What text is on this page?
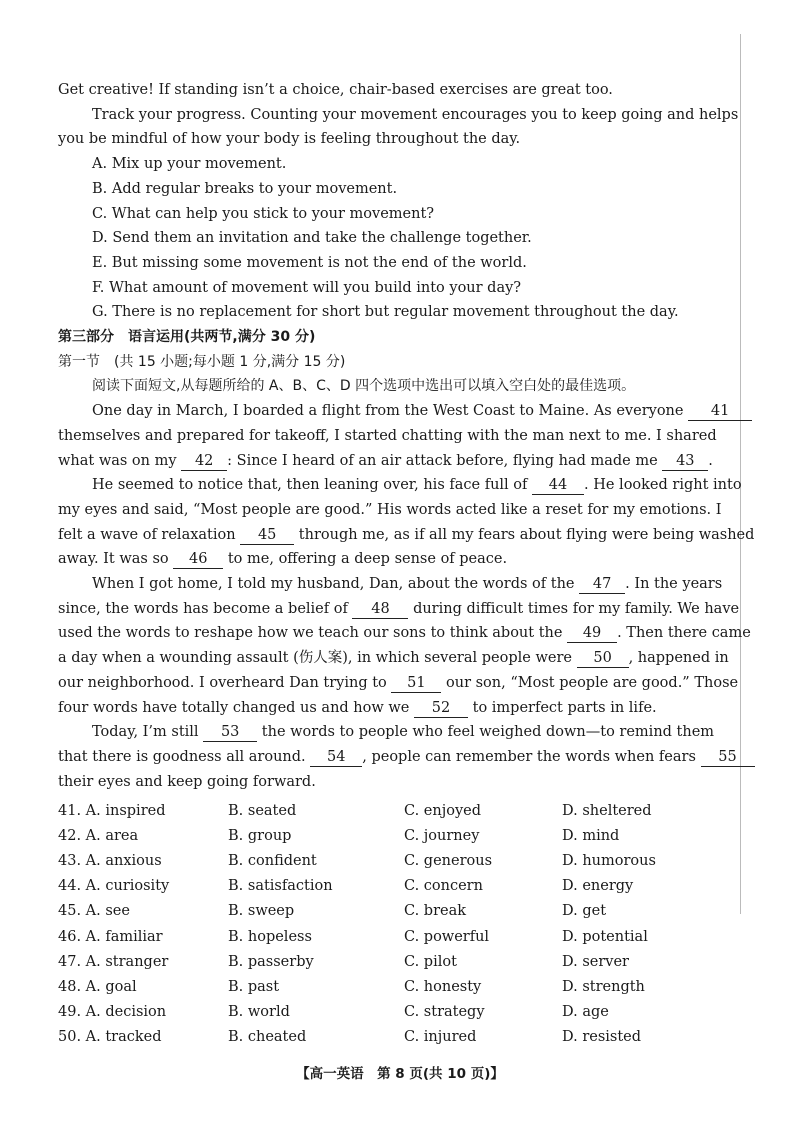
Get creative! If standing isn’t a choice, chair-based exercises are great too.
Track your progress. Counting your movement encourages you to keep going and helps
you be mindful of how your body is feeling throughout the day.
A. Mix up your movement.
B. Add regular breaks to your movement.
C. What can help you stick to your movement?
D. Send them an invitation and take the challenge together.
E. But missing some movement is not the end of the world.
F. What amount of movement will you build into your day?
G. There is no replacement for short but regular movement throughout the day.
第三部分　语言运用(共两节,满分 30 分)
第一节　(共 15 小题;每小题 1 分,满分 15 分)
阅读下面短文,从每题所给的 A、B、C、D 四个选项中选出可以填入空白处的最佳选项。
One day in March, I boarded a flight from the West Coast to Maine. As everyone 41
themselves and prepared for takeoff, I started chatting with the man next to me. I shared
what was on my 42 : Since I heard of an air attack before, flying had made me 43 .
He seemed to notice that, then leaning over, his face full of 44 . He looked right into
my eyes and said, “Most people are good.” His words acted like a reset for my emotions. I
felt a wave of relaxation 45 through me, as if all my fears about flying were being washed
away. It was so 46 to me, offering a deep sense of peace.
When I got home, I told my husband, Dan, about the words of the 47 . In the years
since, the words has become a belief of 48 during difficult times for my family. We have
used the words to reshape how we teach our sons to think about the 49 . Then there came
a day when a wounding assault (伤人案), in which several people were 50 , happened in
our neighborhood. I overheard Dan trying to 51 our son, “Most people are good.” Those
four words have totally changed us and how we 52 to imperfect parts in life.
Today, I’m still 53 the words to people who feel weighed down—to remind them
that there is goodness all around. 54 , people can remember the words when fears 55
their eyes and keep going forward.
41. A. inspired	B. seated	C. enjoyed	D. sheltered
42. A. area	B. group	C. journey	D. mind
43. A. anxious	B. confident	C. generous	D. humorous
44. A. curiosity	B. satisfaction	C. concern	D. energy
45. A. see	B. sweep	C. break	D. get
46. A. familiar	B. hopeless	C. powerful	D. potential
47. A. stranger	B. passerby	C. pilot	D. server
48. A. goal	B. past	C. honesty	D. strength
49. A. decision	B. world	C. strategy	D. age
50. A. tracked	B. cheated	C. injured	D. resisted
【高一英语　第 8 页(共 10 页)】
